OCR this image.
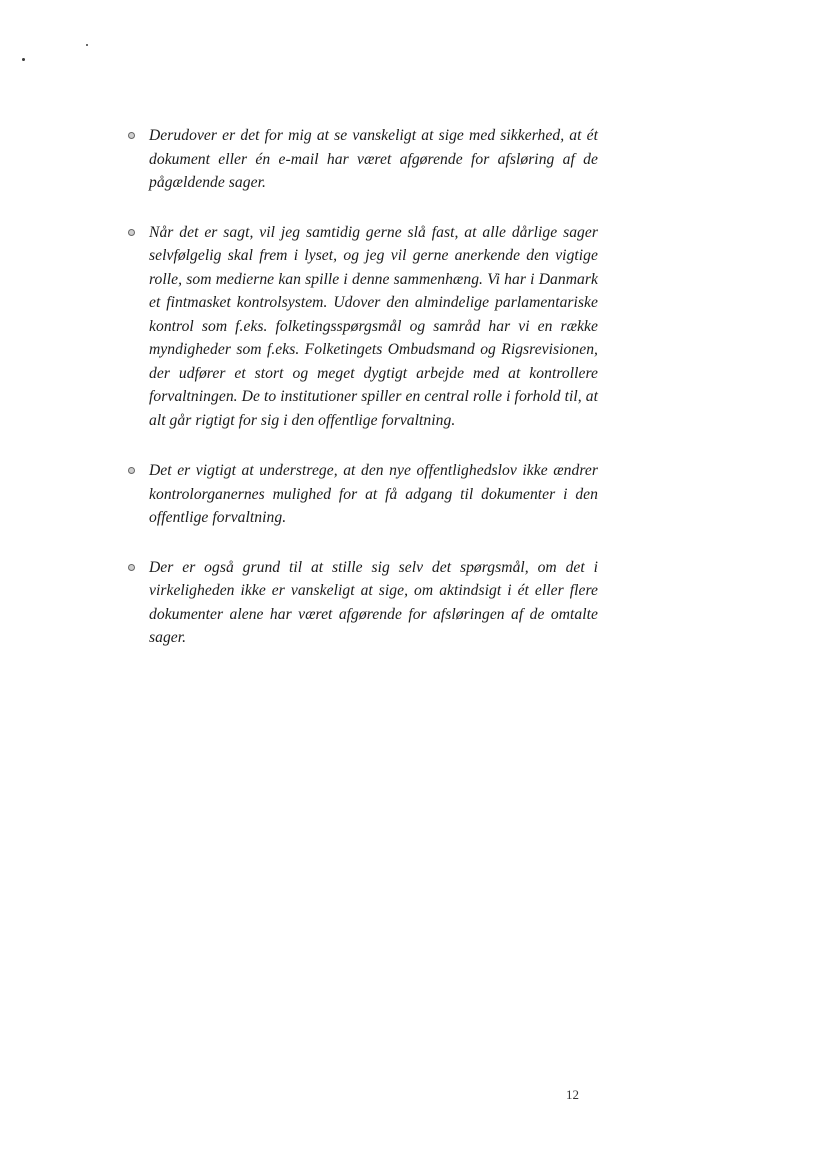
Derudover er det for mig at se vanskeligt at sige med sikkerhed, at ét dokument eller én e-mail har været afgørende for afsløring af de pågældende sager.

Når det er sagt, vil jeg samtidig gerne slå fast, at alle dårlige sager selvfølgelig skal frem i lyset, og jeg vil gerne anerkende den vigtige rolle, som medierne kan spille i denne sammenhæng. Vi har i Danmark et fintmasket kontrolsystem. Udover den almindelige parlamentariske kontrol som f.eks. folketingsspørgsmål og samråd har vi en række myndigheder som f.eks. Folketingets Ombudsmand og Rigsrevisionen, der udfører et stort og meget dygtigt arbejde med at kontrollere forvaltningen. De to institutioner spiller en central rolle i forhold til, at alt går rigtigt for sig i den offentlige forvaltning.

Det er vigtigt at understrege, at den nye offentlighedslov ikke ændrer kontrolorganernes mulighed for at få adgang til dokumenter i den offentlige forvaltning.

Der er også grund til at stille sig selv det spørgsmål, om det i virkeligheden ikke er vanskeligt at sige, om aktindsigt i ét eller flere dokumenter alene har været afgørende for afsløringen af de omtalte sager.

12
